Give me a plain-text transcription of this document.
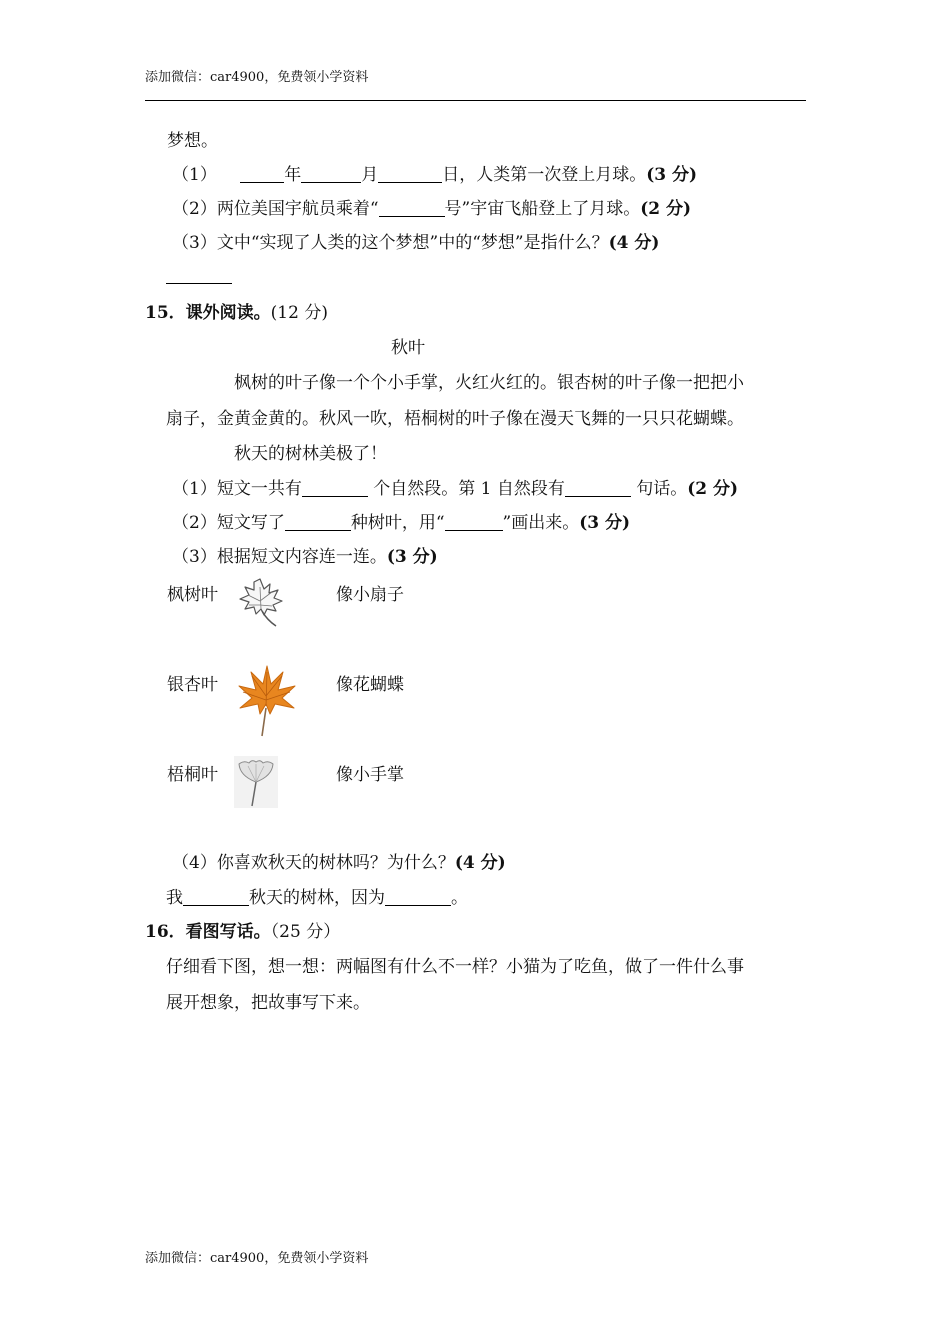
添加微信：car4900，免费领小学资料
梦想。
（1）	年	月	日，人类第一次登上月球。(3 分)
（2）两位美国宇航员乘着“	号”宇宙飞船登上了月球。(2 分)
（3）文中“实现了人类的这个梦想”中的“梦想”是指什么？(4 分)
15．课外阅读。(12 分)
秋叶
枫树的叶子像一个个小手掌，火红火红的。银杏树的叶子像一把把小
扇子，金黄金黄的。秋风一吹，梧桐树的叶子像在漫天飞舞的一只只花蝴蝶。
秋天的树林美极了！
（1）短文一共有	个自然段。第 1 自然段有	句话。(2 分)
（2）短文写了	种树叶，用“	”画出来。(3 分)
（3）根据短文内容连一连。(3 分)
枫树叶
银杏叶
梧桐叶
像小扇子
像花蝴蝶
像小手掌
（4）你喜欢秋天的树林吗？为什么？(4 分)
我	秋天的树林，因为	。
16．看图写话。（25 分）
仔细看下图，想一想：两幅图有什么不一样？小猫为了吃鱼，做了一件什么事
展开想象，把故事写下来。
添加微信：car4900，免费领小学资料
